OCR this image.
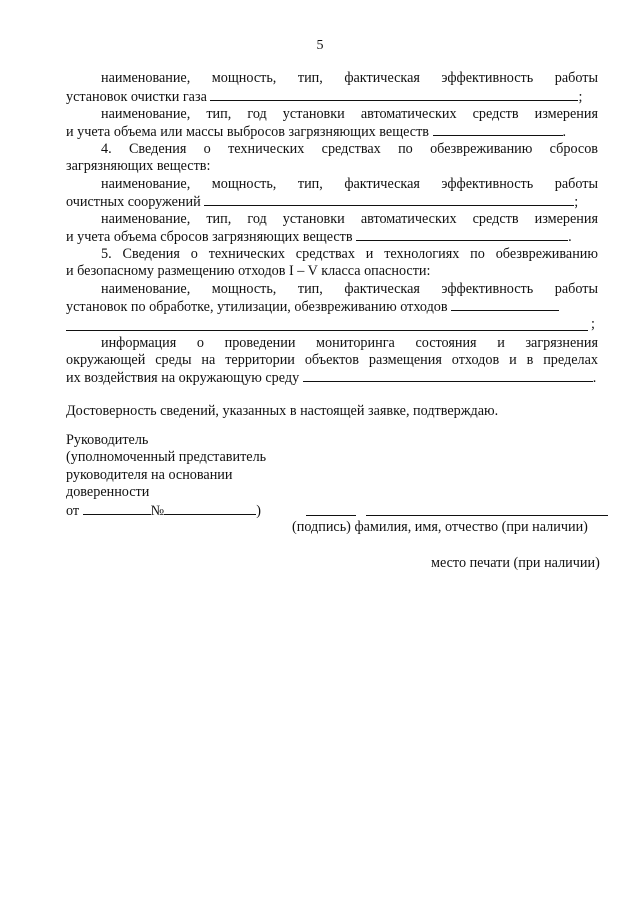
5
наименование, мощность, тип, фактическая эффективность работы
установок очистки газа	;
наименование, тип, год установки автоматических средств измерения
и учета объема или массы выбросов загрязняющих веществ	.
4. Сведения о технических средствах по обезвреживанию сбросов
загрязняющих веществ:
наименование, мощность, тип, фактическая эффективность работы
очистных сооружений	;
наименование, тип, год установки автоматических средств измерения
и учета объема сбросов загрязняющих веществ	.
5. Сведения о технических средствах и технологиях по обезвреживанию
и безопасному размещению отходов I – V класса опасности:
наименование, мощность, тип, фактическая эффективность работы
установок по обработке, утилизации, обезвреживанию отходов
;
информация о проведении мониторинга состояния и загрязнения
окружающей среды на территории объектов размещения отходов и в пределах
их воздействия на окружающую среду	.
Достоверность сведений, указанных в настоящей заявке, подтверждаю.
Руководитель
(уполномоченный представитель
руководителя на основании
доверенности
от	№	)
(подпись) фамилия, имя, отчество (при наличии)
место печати (при наличии)
